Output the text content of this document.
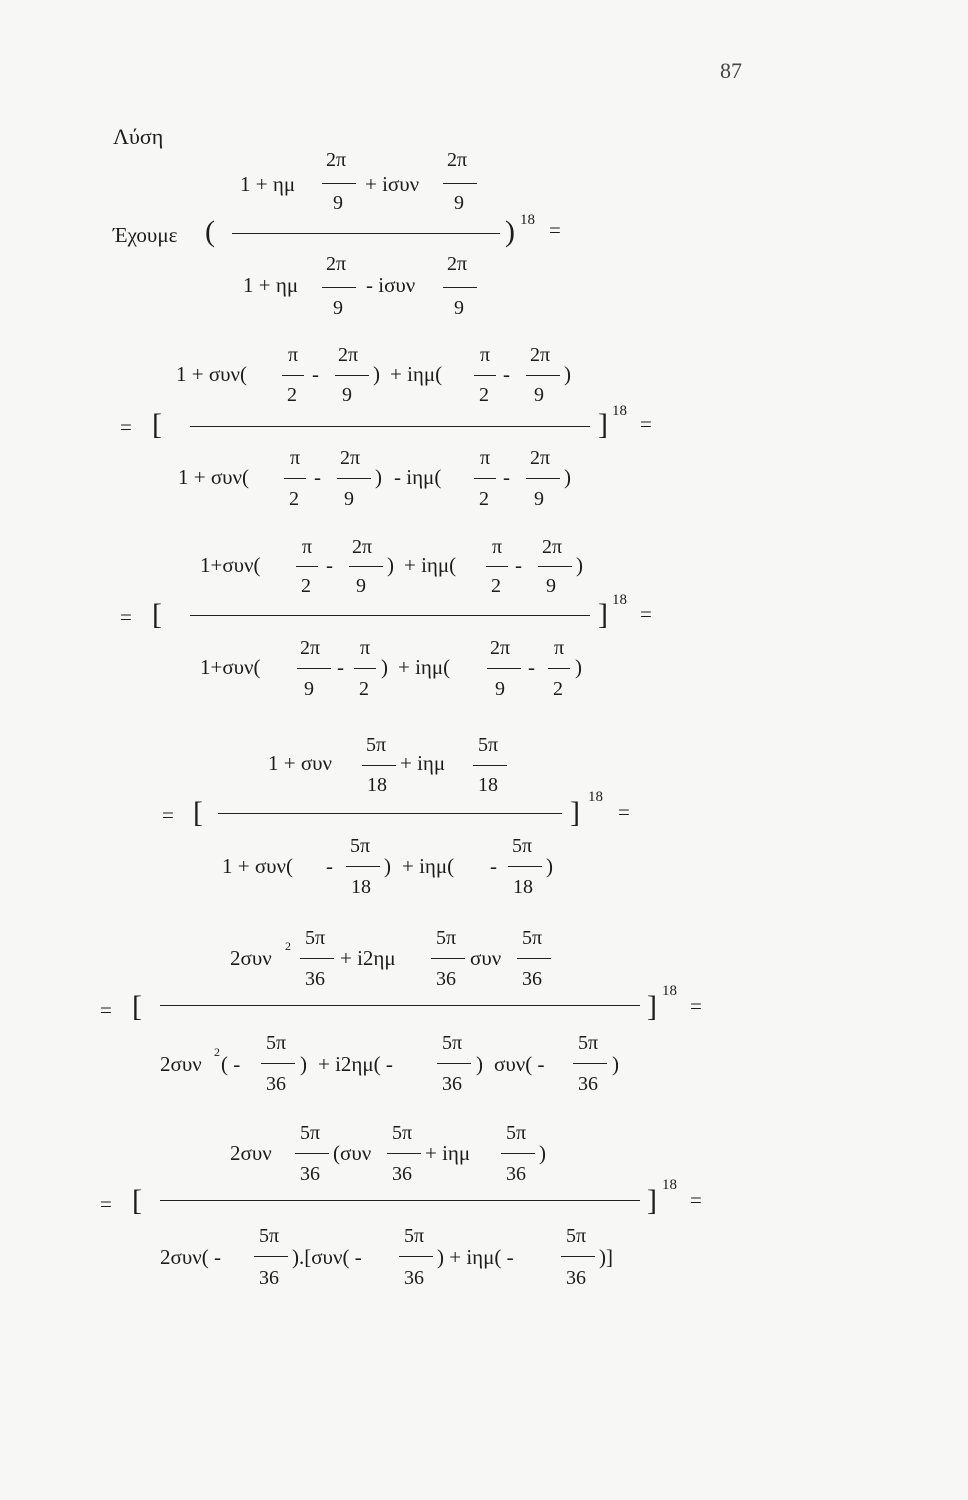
87
Λύση
Έχουμε (	) 18 =
1 + ημ
2π
9
+ iσυν
2π
9
1 + ημ
2π
9
- iσυν
2π
9
= [	] 18
=
1 + συν(
π
2
-
2π
9
) + iημ(
π
2
-
2π
9
)
1 + συν(
π
2
-
2π
9
) - iημ(
π
2
-
2π
9
)
= [	] 18
=
1+συν(
π
2
-
2π
9
) + iημ(
π
2
-
2π
9
)
1+συν(
2π
9
-
π
2
) + iημ(
2π
9
-
π
2
)
= [	] 18
=
1 + συν
5π
18
+ iημ
5π
18
1 + συν( -
5π
18
) + iημ( -
5π
18
)
= [	] 18
=
2συν 2 5π
36
+ i2ημ
5π
36
συν
5π
36
2συν 2 ( -
5π
36
) + i2ημ( -
5π
36
) συν( -
5π
36
)
= [	] 18
=
2συν
5π
36
(συν
5π
36
+ iημ
5π
36
)
2συν( -
5π
36
).[συν( -
5π
36
) + iημ( -
5π
36
)]
